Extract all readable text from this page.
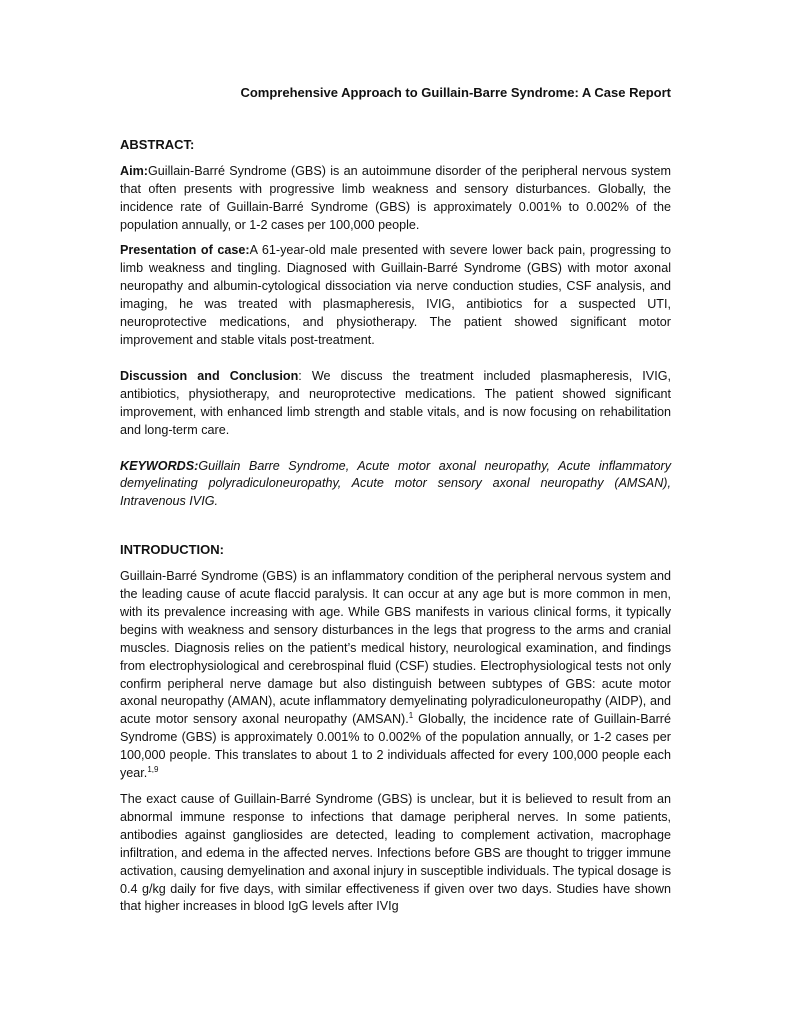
Comprehensive Approach to Guillain-Barre Syndrome: A Case Report
ABSTRACT:

Aim:Guillain-Barré Syndrome (GBS) is an autoimmune disorder of the peripheral nervous system that often presents with progressive limb weakness and sensory disturbances. Globally, the incidence rate of Guillain-Barré Syndrome (GBS) is approximately 0.001% to 0.002% of the population annually, or 1-2 cases per 100,000 people.

Presentation of case:A 61-year-old male presented with severe lower back pain, progressing to limb weakness and tingling. Diagnosed with Guillain-Barré Syndrome (GBS) with motor axonal neuropathy and albumin-cytological dissociation via nerve conduction studies, CSF analysis, and imaging, he was treated with plasmapheresis, IVIG, antibiotics for a suspected UTI, neuroprotective medications, and physiotherapy. The patient showed significant motor improvement and stable vitals post-treatment.

Discussion and Conclusion: We discuss the treatment included plasmapheresis, IVIG, antibiotics, physiotherapy, and neuroprotective medications. The patient showed significant improvement, with enhanced limb strength and stable vitals, and is now focusing on rehabilitation and long-term care.

KEYWORDS:Guillain Barre Syndrome, Acute motor axonal neuropathy, Acute inflammatory demyelinating polyradiculoneuropathy, Acute motor sensory axonal neuropathy (AMSAN), Intravenous IVIG.

INTRODUCTION:

Guillain-Barré Syndrome (GBS) is an inflammatory condition of the peripheral nervous system and the leading cause of acute flaccid paralysis. It can occur at any age but is more common in men, with its prevalence increasing with age. While GBS manifests in various clinical forms, it typically begins with weakness and sensory disturbances in the legs that progress to the arms and cranial muscles. Diagnosis relies on the patient’s medical history, neurological examination, and findings from electrophysiological and cerebrospinal fluid (CSF) studies. Electrophysiological tests not only confirm peripheral nerve damage but also distinguish between subtypes of GBS: acute motor axonal neuropathy (AMAN), acute inflammatory demyelinating polyradiculoneuropathy (AIDP), and acute motor sensory axonal neuropathy (AMSAN).$^1$ Globally, the incidence rate of Guillain-Barré Syndrome (GBS) is approximately 0.001% to 0.002% of the population annually, or 1-2 cases per 100,000 people. This translates to about 1 to 2 individuals affected for every 100,000 people each year.$^{1,9}$

The exact cause of Guillain-Barré Syndrome (GBS) is unclear, but it is believed to result from an abnormal immune response to infections that damage peripheral nerves. In some patients, antibodies against gangliosides are detected, leading to complement activation, macrophage infiltration, and edema in the affected nerves. Infections before GBS are thought to trigger immune activation, causing demyelination and axonal injury in susceptible individuals. The typical dosage is 0.4 g/kg daily for five days, with similar effectiveness if given over two days. Studies have shown that higher increases in blood IgG levels after IVIg
